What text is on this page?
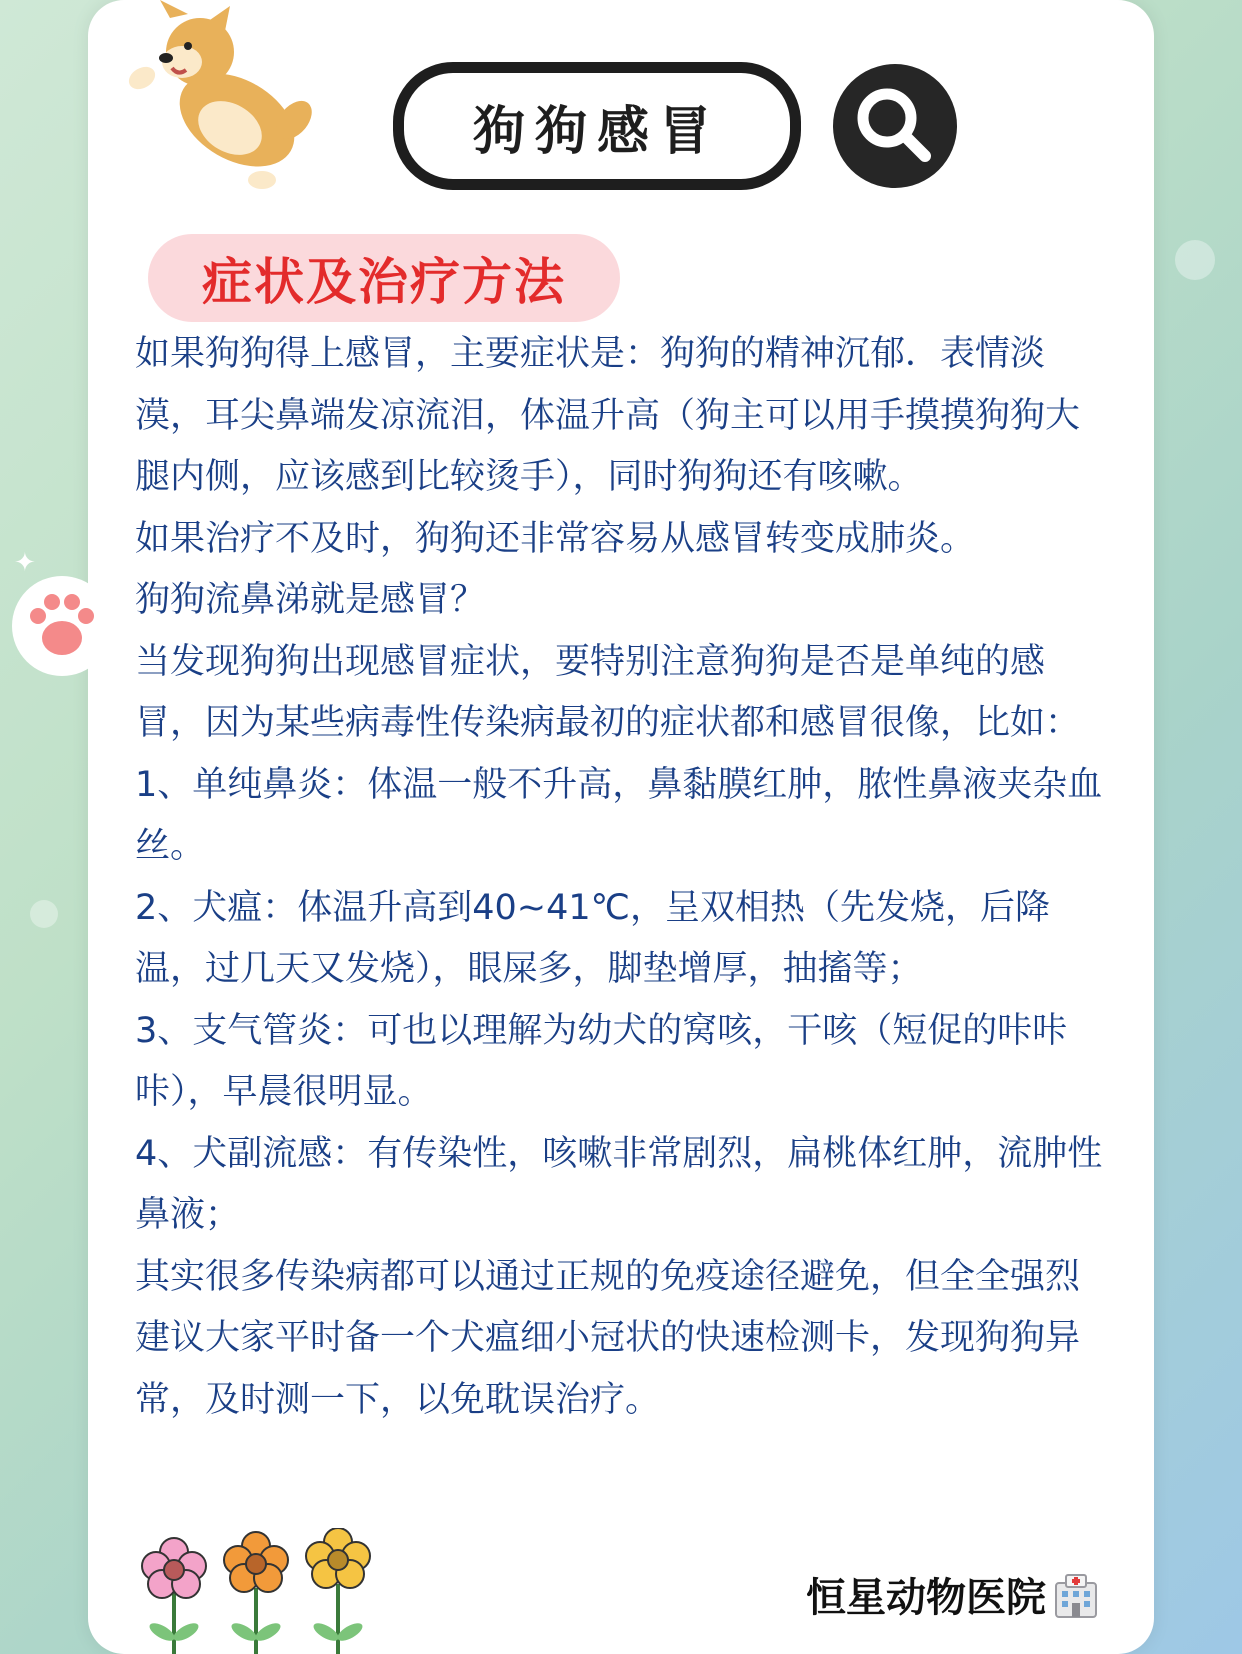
狗狗感冒
症状及治疗方法

如果狗狗得上感冒，主要症状是：狗狗的精神沉郁．表情淡漠，耳尖鼻端发凉流泪，体温升高（狗主可以用手摸摸狗狗大腿内侧，应该感到比较烫手），同时狗狗还有咳嗽。

如果治疗不及时，狗狗还非常容易从感冒转变成肺炎。

狗狗流鼻涕就是感冒？

当发现狗狗出现感冒症状，要特别注意狗狗是否是单纯的感冒，因为某些病毒性传染病最初的症状都和感冒很像，比如：

1、单纯鼻炎：体温一般不升高，鼻黏膜红肿，脓性鼻液夹杂血丝。

2、犬瘟：体温升高到40~41℃，呈双相热（先发烧，后降温，过几天又发烧），眼屎多，脚垫增厚，抽搐等；

3、支气管炎：可也以理解为幼犬的窝咳，干咳（短促的咔咔咔），早晨很明显。

4、犬副流感：有传染性，咳嗽非常剧烈，扁桃体红肿，流肿性鼻液；

其实很多传染病都可以通过正规的免疫途径避免，但全全强烈建议大家平时备一个犬瘟细小冠状的快速检测卡，发现狗狗异常，及时测一下，以免耽误治疗。

✦
恒星动物医院
